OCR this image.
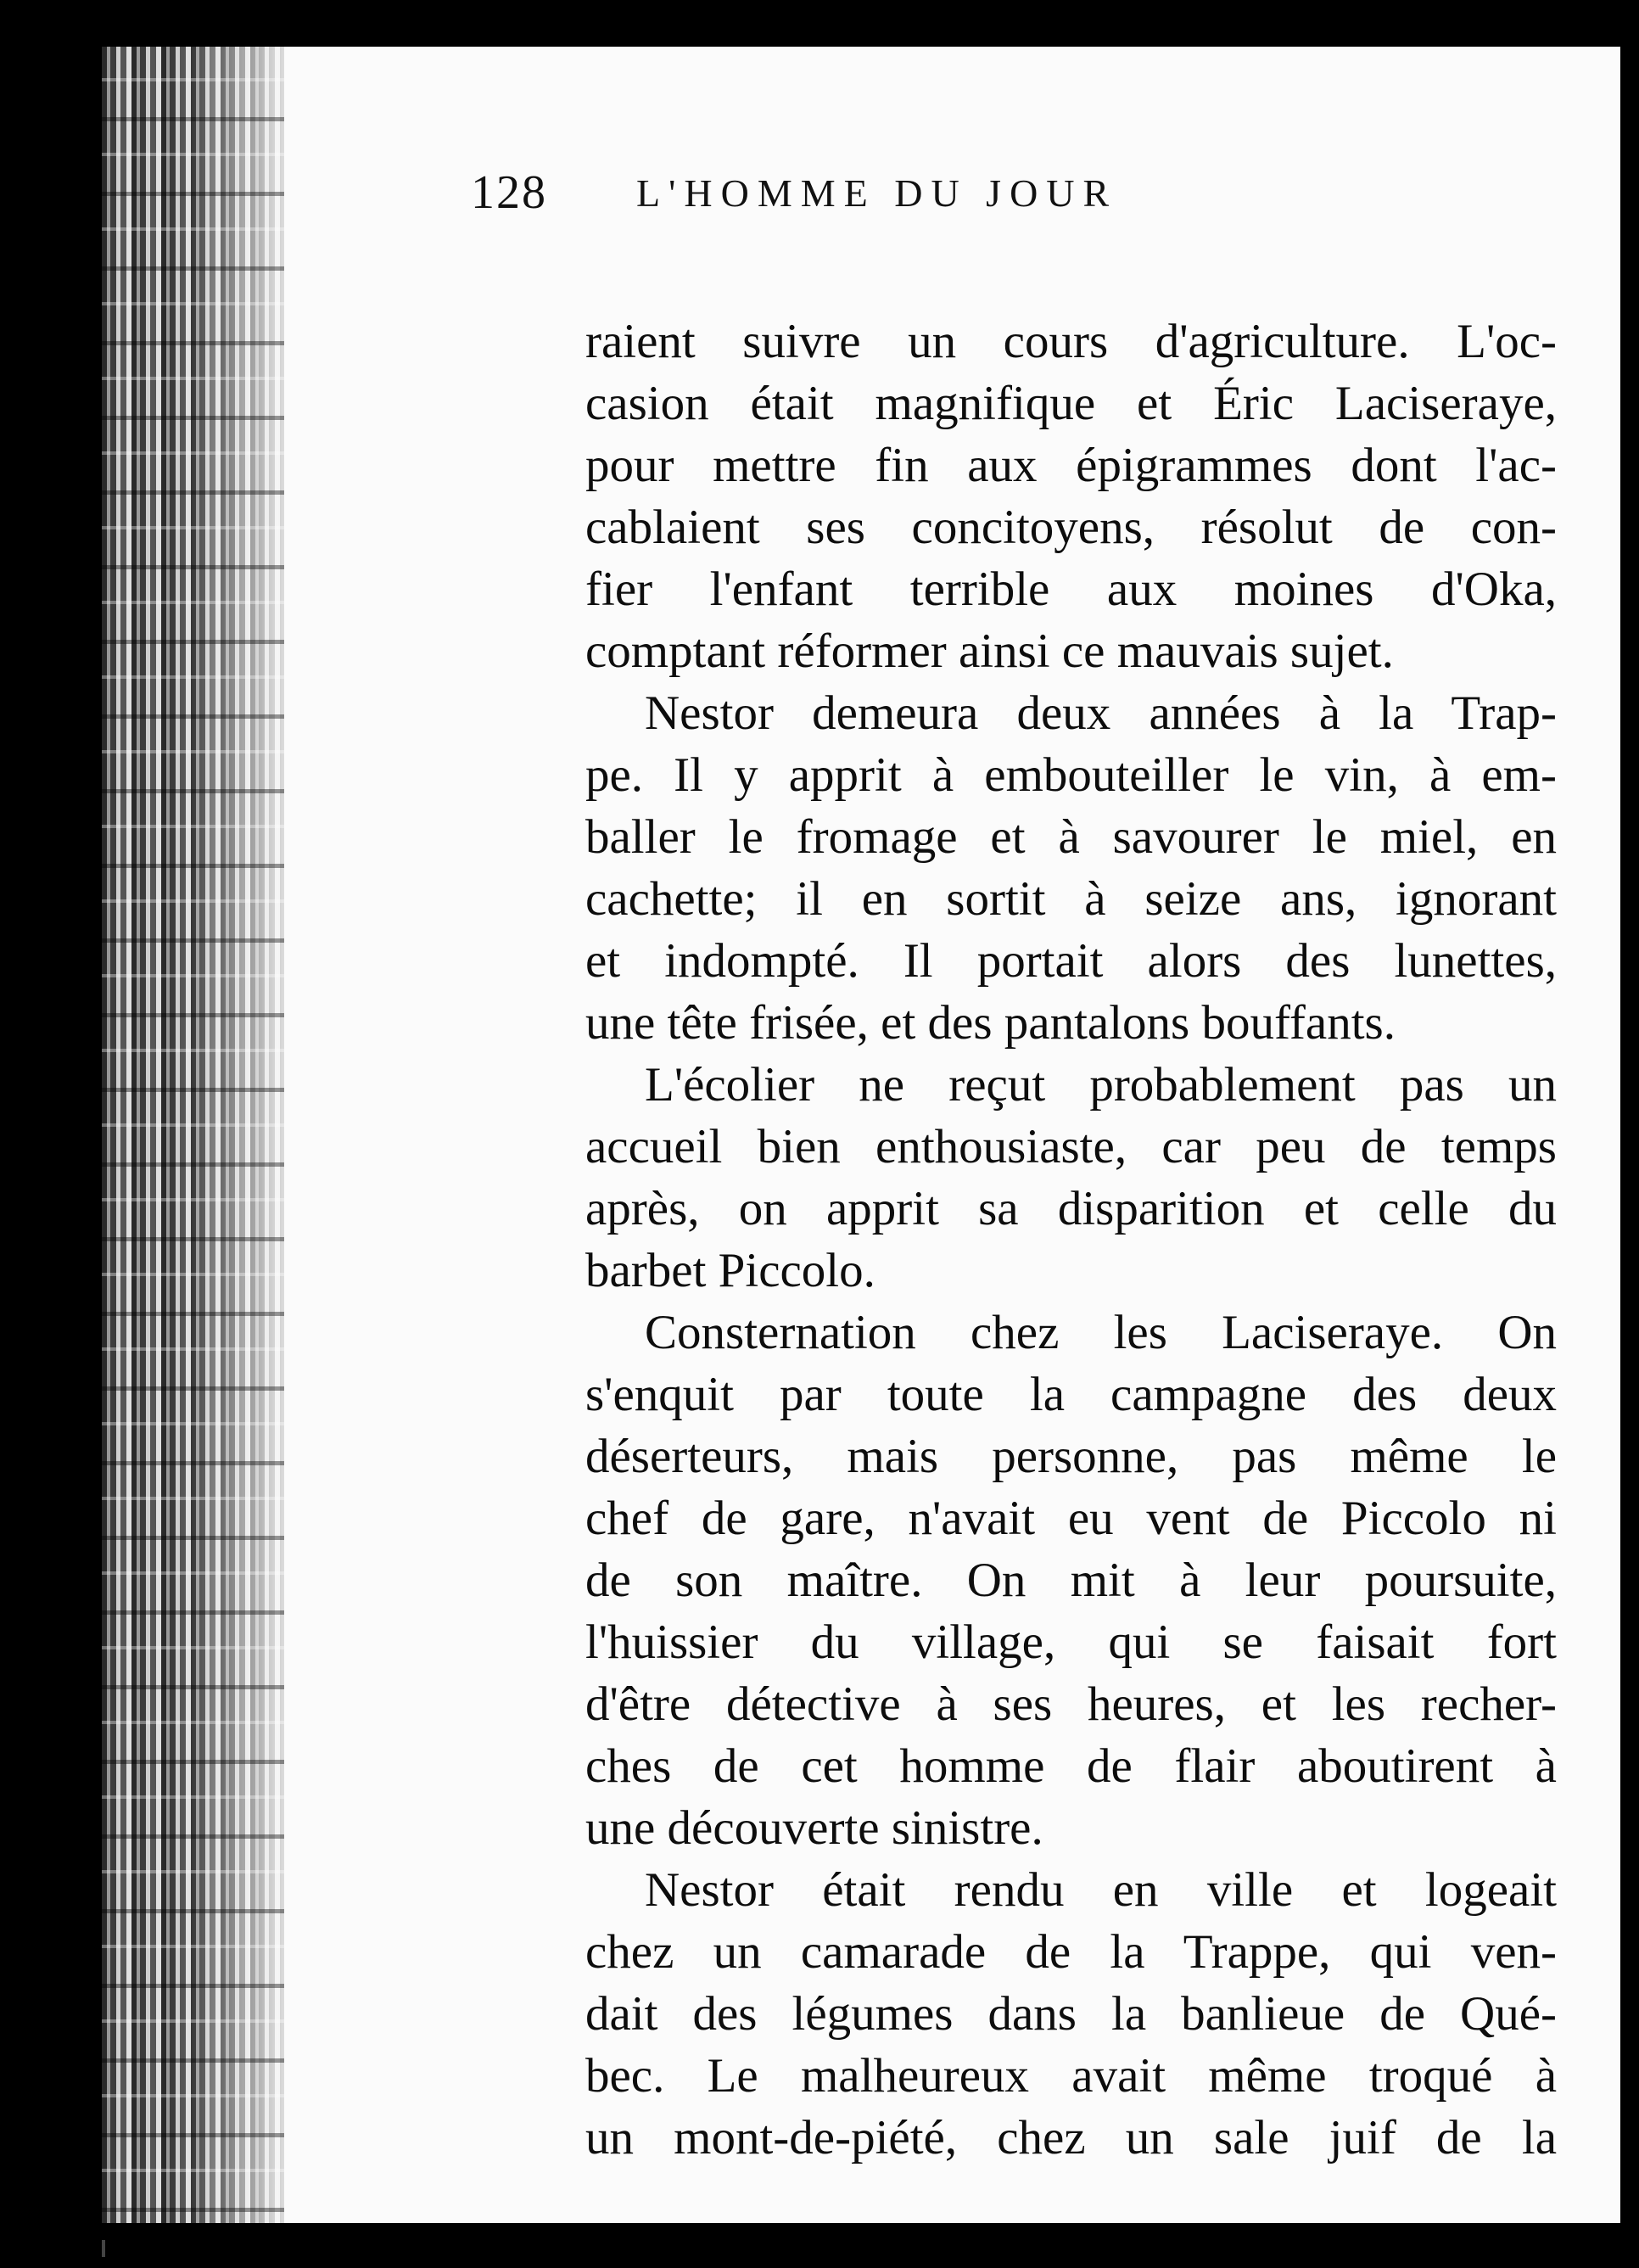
128 L'HOMME DU JOUR
raient suivre un cours d'agriculture. L'oc-
casion était magnifique et Éric Laciseraye,
pour mettre fin aux épigrammes dont l'ac-
cablaient ses concitoyens, résolut de con-
fier l'enfant terrible aux moines d'Oka,
comptant réformer ainsi ce mauvais sujet.
Nestor demeura deux années à la Trap-
pe. Il y apprit à embouteiller le vin, à em-
baller le fromage et à savourer le miel, en
cachette; il en sortit à seize ans, ignorant
et indompté. Il portait alors des lunettes,
une tête frisée, et des pantalons bouffants.
L'écolier ne reçut probablement pas un
accueil bien enthousiaste, car peu de temps
après, on apprit sa disparition et celle du
barbet Piccolo.
Consternation chez les Laciseraye. On
s'enquit par toute la campagne des deux
déserteurs, mais personne, pas même le
chef de gare, n'avait eu vent de Piccolo ni
de son maître. On mit à leur poursuite,
l'huissier du village, qui se faisait fort
d'être détective à ses heures, et les recher-
ches de cet homme de flair aboutirent à
une découverte sinistre.
Nestor était rendu en ville et logeait
chez un camarade de la Trappe, qui ven-
dait des légumes dans la banlieue de Qué-
bec. Le malheureux avait même troqué à
un mont-de-piété, chez un sale juif de la
